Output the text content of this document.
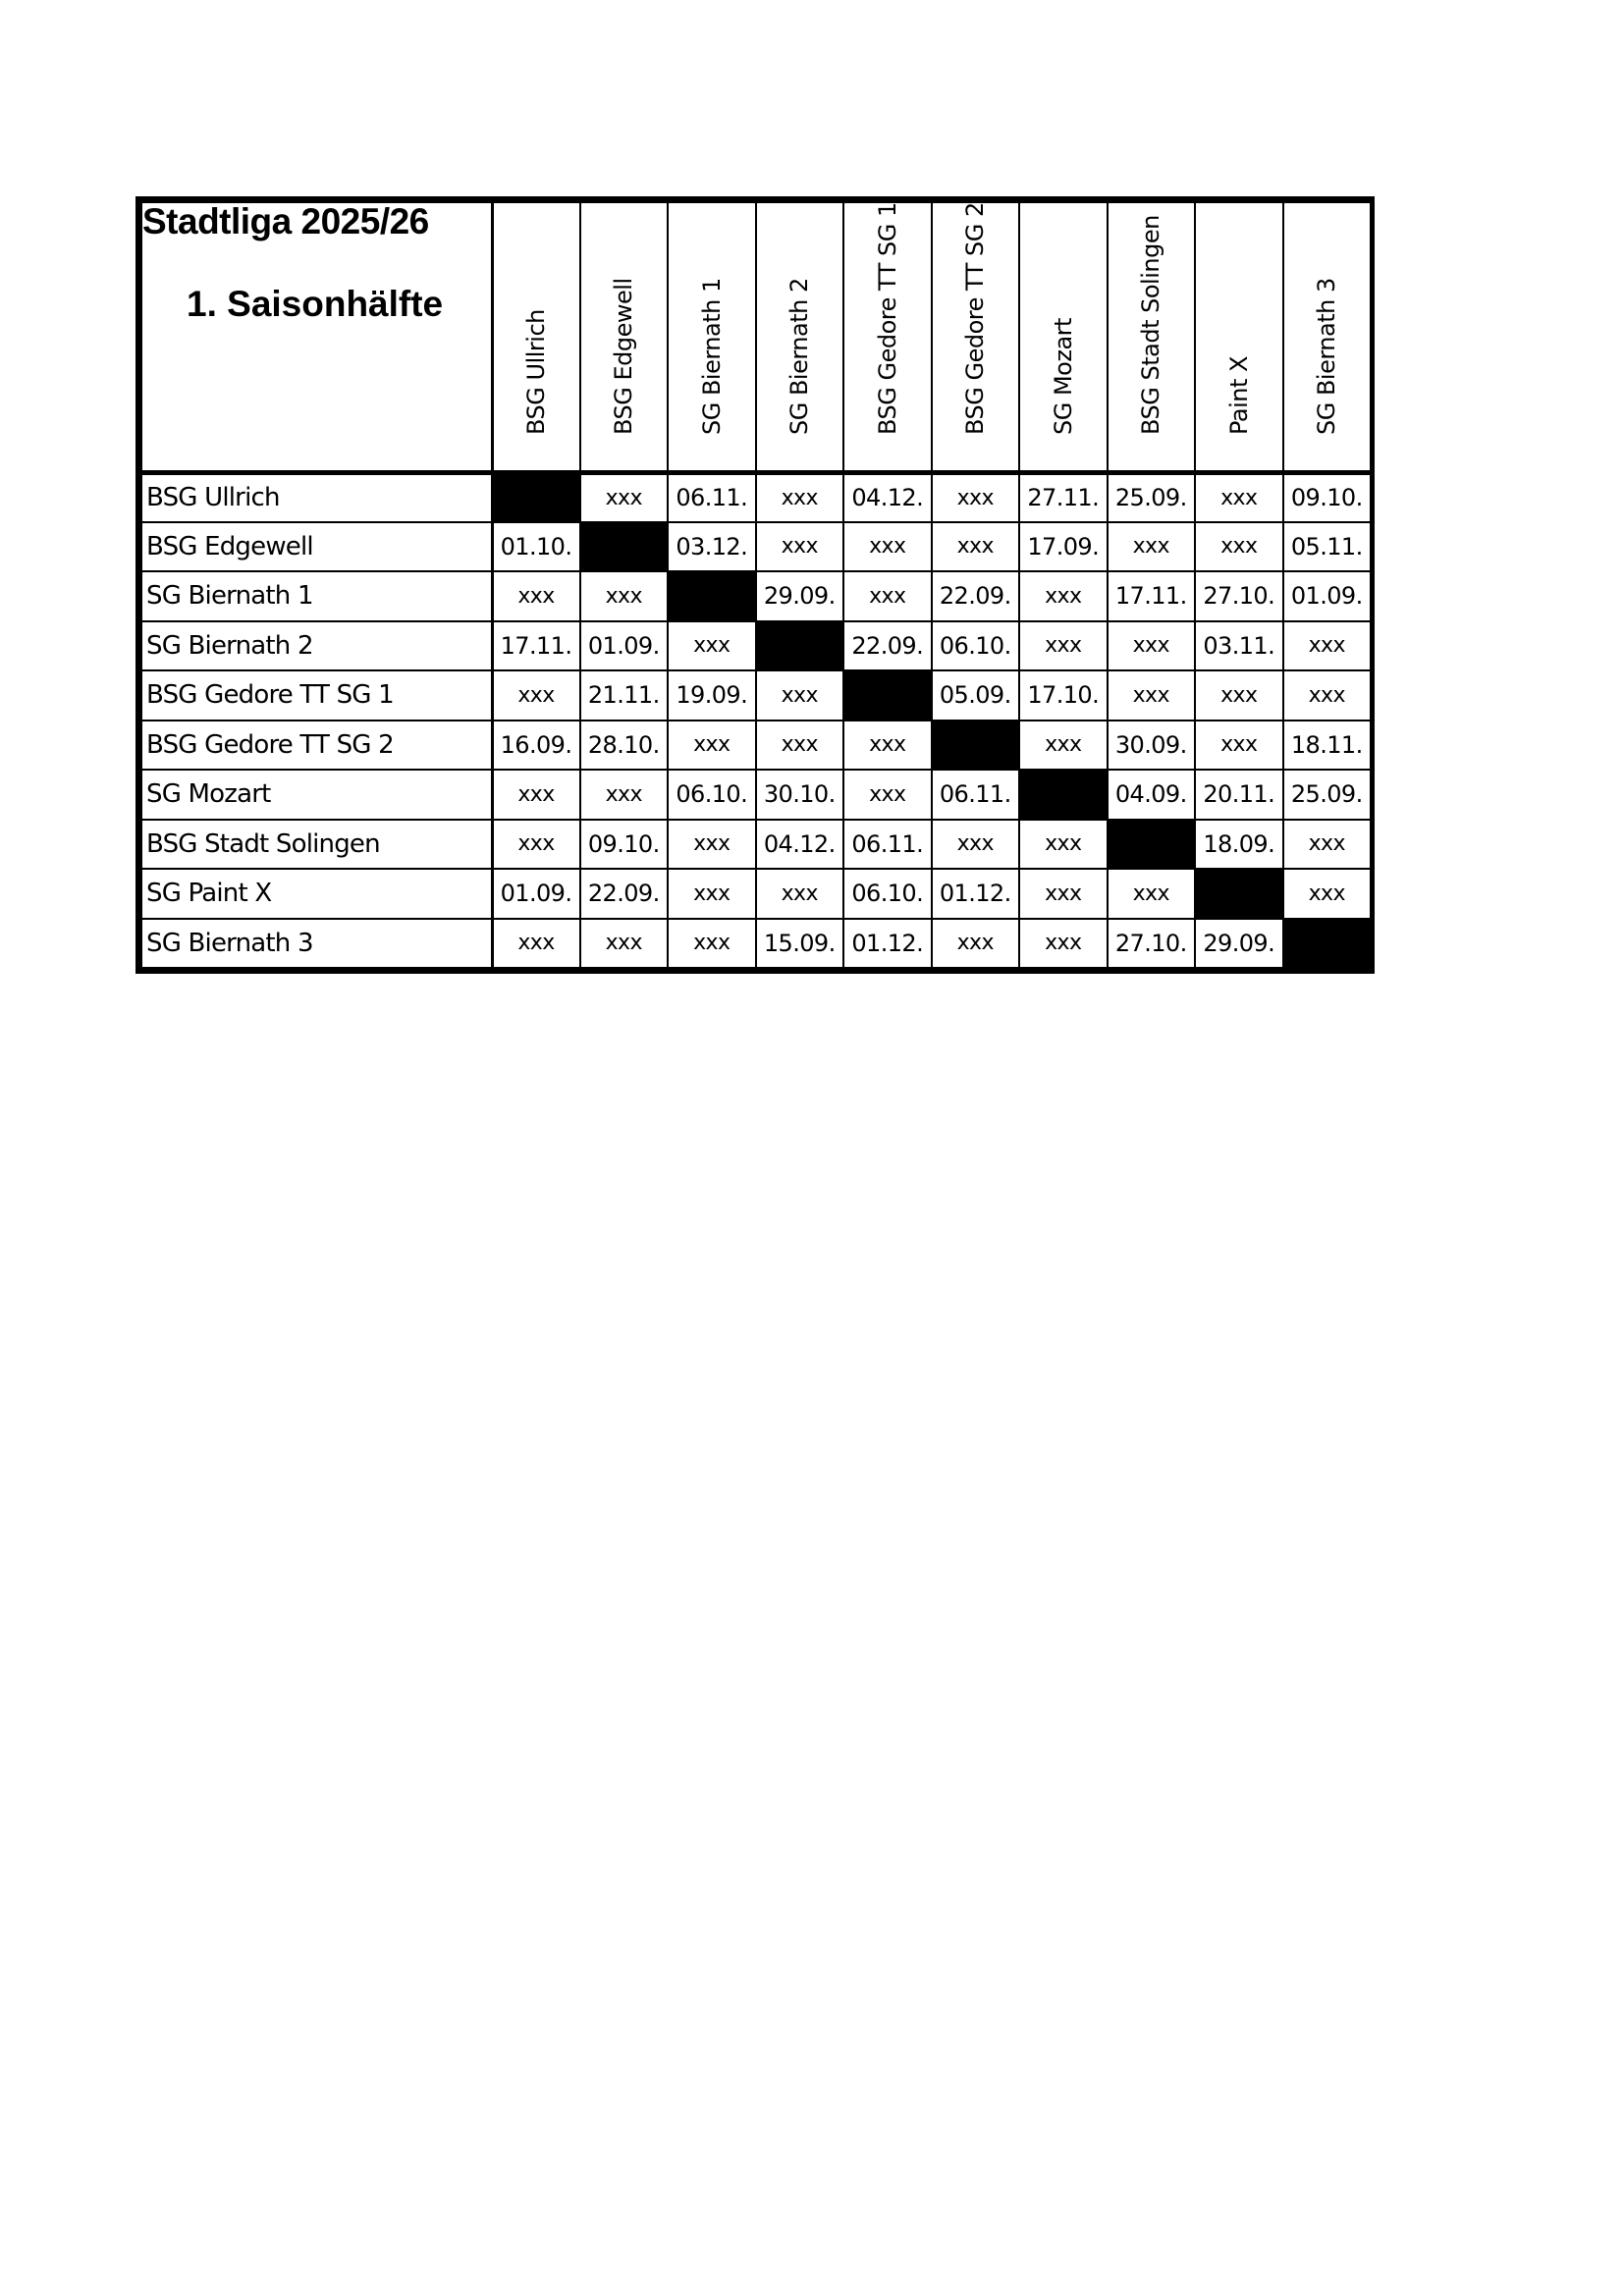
Stadtliga 2025/26
1. Saisonhälfte	BSG Ullrich	BSG Edgewell	SG Biernath 1	SG Biernath 2	BSG Gedore TT SG 1	BSG Gedore TT SG 2	SG Mozart	BSG Stadt Solingen	Paint X	SG Biernath 3

BSG Ullrich		xxx	06.11.	xxx	04.12.	xxx	27.11.	25.09.	xxx	09.10.
BSG Edgewell	01.10.		03.12.	xxx	xxx	xxx	17.09.	xxx	xxx	05.11.
SG Biernath 1	xxx	xxx		29.09.	xxx	22.09.	xxx	17.11.	27.10.	01.09.
SG Biernath 2	17.11.	01.09.	xxx		22.09.	06.10.	xxx	xxx	03.11.	xxx
BSG Gedore TT SG 1	xxx	21.11.	19.09.	xxx		05.09.	17.10.	xxx	xxx	xxx
BSG Gedore TT SG 2	16.09.	28.10.	xxx	xxx	xxx		xxx	30.09.	xxx	18.11.
SG Mozart	xxx	xxx	06.10.	30.10.	xxx	06.11.		04.09.	20.11.	25.09.
BSG Stadt Solingen	xxx	09.10.	xxx	04.12.	06.11.	xxx	xxx		18.09.	xxx
SG Paint X	01.09.	22.09.	xxx	xxx	06.10.	01.12.	xxx	xxx		xxx
SG Biernath 3	xxx	xxx	xxx	15.09.	01.12.	xxx	xxx	27.10.	29.09.	
